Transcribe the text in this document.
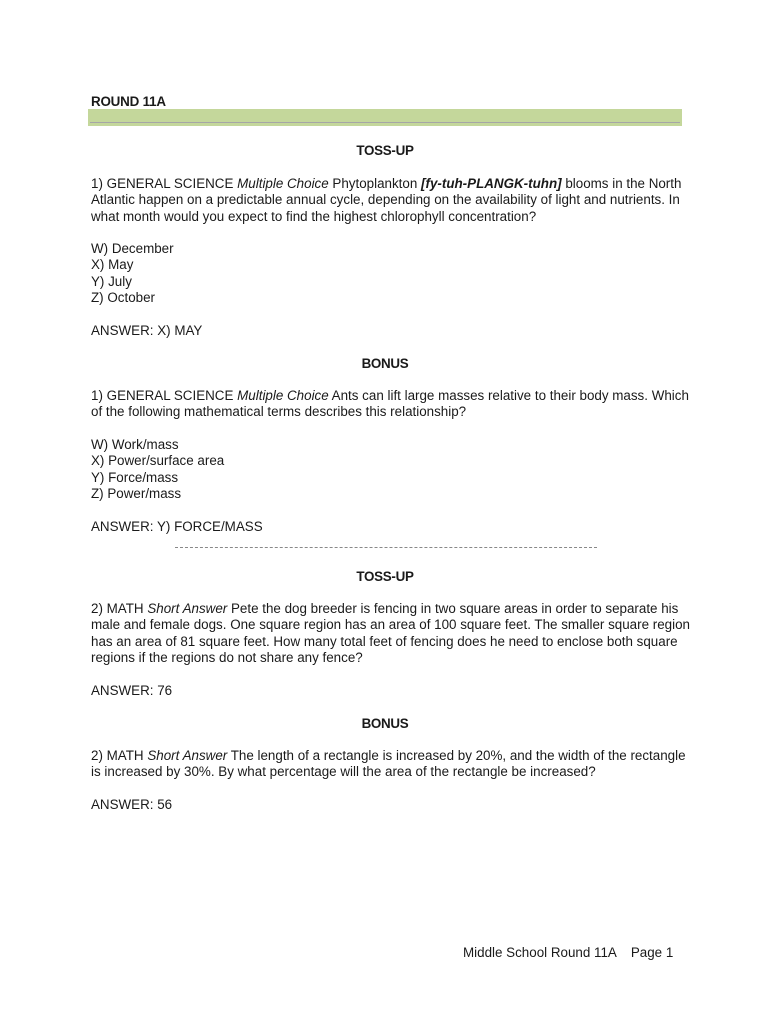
ROUND 11A
TOSS-UP
1) GENERAL SCIENCE Multiple Choice Phytoplankton [fy-tuh-PLANGK-tuhn] blooms in the North Atlantic happen on a predictable annual cycle, depending on the availability of light and nutrients. In what month would you expect to find the highest chlorophyll concentration?
W) December
X) May
Y) July
Z) October
ANSWER: X) MAY
BONUS
1) GENERAL SCIENCE Multiple Choice Ants can lift large masses relative to their body mass. Which of the following mathematical terms describes this relationship?
W) Work/mass
X) Power/surface area
Y) Force/mass
Z) Power/mass
ANSWER: Y) FORCE/MASS
TOSS-UP
2) MATH Short Answer Pete the dog breeder is fencing in two square areas in order to separate his male and female dogs. One square region has an area of 100 square feet. The smaller square region has an area of 81 square feet. How many total feet of fencing does he need to enclose both square regions if the regions do not share any fence?
ANSWER: 76
BONUS
2) MATH Short Answer The length of a rectangle is increased by 20%, and the width of the rectangle is increased by 30%. By what percentage will the area of the rectangle be increased?
ANSWER: 56
Middle School Round 11A Page 1
